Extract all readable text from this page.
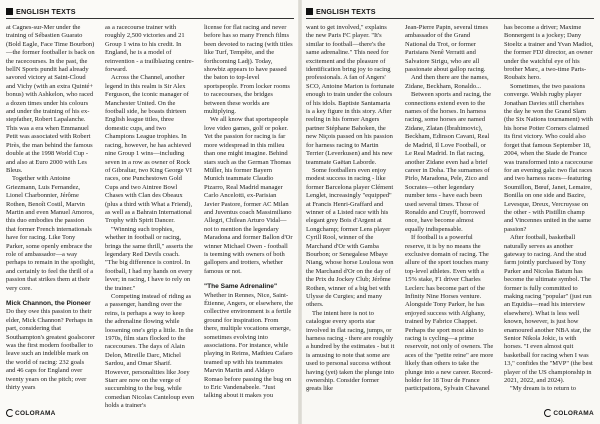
ENGLISH TEXTS

at Cagnes-sur-Mer under the training of Sébastien Guarato (Bold Eagle, Face Time Bourbon)—the former footballer is back on the racecourses. In the past, the bellN Sports pundit had already savored victory at Saint-Cloud and Vichy (with an extra Quinté+ bonus) with Ashkelon, who raced a dozen times under his colours and under the training of his ex-stepfather, Robert Lapalanche. This was a era when Emmanuel Petit was associated with Robert Pirès, the man behind the famous double at the 1998 World Cup -and also at Euro 2000 with Les Bleus.

Together with Antoine Griezmann, Luis Fernandez, Lionel Charbonnier, Jérôme Rothen, Benoît Costil, Marvin Martin and even Manuel Amoros, this duo embodies the passion that former French internationals have for racing. Like Tony Parker, some openly embrace the role of ambassador—a way perhaps to remain in the spotlight, and certainly to feel the thrill of a passion that strikes them at their very core.

Mick Channon, the Pioneer

Do they owe this passion to their elder, Mick Channon? Perhaps in part, considering that Southampton's greatest goalscorer was the first modern footballer to leave such an indelible mark on the world of racing: 232 goals and 46 caps for England over twenty years on the pitch; over thirty years

as a racecourse trainer with roughly 2,500 victories and 21 Group 1 wins to his credit. In England, he is a model of reinvention - a trailblazing centre-forward.

Across the Channel, another legend in this realm is Sir Alex Ferguson, the iconic manager of Manchester United. On the football side, he boasts thirteen English league titles, three domestic cups, and two Champions League trophies. In racing, however, he has achieved nine Group 1 wins—including seven in a row as owner of Rock of Gibraltar, two King George VI races, one Punchestown Gold Cups and two Aintree Bowl Chases with Clan des Obeaux (plus a third with What a Friend), as well as a Bahrain International Trophy with Spirit Dancer.

"Winning such trophies, whether in football or racing, brings the same thrill," asserts the legendary Red Devils coach. "The big difference is control. In football, I had my hands on every lever; in racing, I have to rely on the trainer."

Competing instead of riding as a passenger, handing over the reins, is perhaps a way to keep the adrenaline flowing while loosening one's grip a little. In the 1970s, film stars flocked to the racecourses. The days of Alain Delon, Mireille Darc, Michel Sardou, and Omar Sharif. However, personalities like Joey Starr are now on the verge of succumbing to the bug, while comedian Nicolas Canteloup even holds a trainer's

license for flat racing and never before has so many French films been devoted to racing (with titles like Turf, Tempête, and the forthcoming Ladj). Today, showbiz appears to have passed the baton to top-level sportspeople. From locker rooms to racecourses, the bridges between these worlds are multiplying.

We all know that sportspeople love video games, golf or poker. Yet the passion for racing is far more widespread in this milieu than one might imagine. Behind stars such as the German Thomas Müller, his former Bayern Munich teammate Claudio Pizarro, Real Madrid manager Carlo Ancelotti, ex-Parisian Javier Pastore, former AC Milan and Juventus coach Massimiliano Allegri, Chilean Arturo Vidal—not to mention the legendary Maradona and former Ballon d'Or winner Michael Owen - football is teeming with owners of both gallopers and trotters, whether famous or not.

"The Same Adrenaline"

Whether in Rennes, Nice, Saint-Étienne, Angers, or elsewhere, the collective environment is a fertile ground for inspiration. From there, multiple vocations emerge, sometimes evolving into associations. For instance, while playing in Reims, Mathieu Cafaro teamed up with his teammates Marvin Martin and Aldayo Romao before passing the bug on to Eric Vandenabeele. "Just talking about it makes you

COLORAMA
ENGLISH TEXTS

want to get involved," explains the new Paris FC player. "It's similar to football—there's the same adrenaline." This need for excitement and the pleasure of identification bring joy to racing professionals. A fan of Angers' SCO, Antoine Marion is fortunate enough to train under the colours of his idols. Baptiste Santamaria is a key figure in this story. After reeling in his former Angers partner Stéphane Bahoken, the new Niçois passed on his passion for harness racing to Martin Terrier (Leverkusen) and his new teammate Gaëtan Laborde.

Some footballers even enjoy modest success in racing - like former Barcelona player Clément Lenglet, increasingly "equipped" at Francis Henri-Graffard and winner of a Listed race with his elegant grey Bois d'Argent at Longchamp; former Lens player Cyrill Rool, winner of the Marchand d'Or with Gamba Bourbon; or Senegalese Mbaye Niang, whose horse Louloua won the Marchand d'Or on the day of the Prix du Jockey Club; Jérôme Rothen, winner of a big bet with Ulysse de Curgies; and many others.

The intent here is not to catalogue every sports star involved in flat racing, jumps, or harness racing - there are roughly a hundred by the estimates - but it is amusing to note that some are used to personal success without having (yet) taken the plunge into ownership. Consider former greats like

Jean-Pierre Papin, several times ambassador of the Grand National du Trot, or former Parisians Nenê Verratti and Salvatore Sirigu, who are all passionate about gallop racing.

And then there are the names, Zidane, Beckham, Ronaldo...

Between sports and racing, the connections extend even to the names of the horses. In harness racing, some horses are named Zidane, Zlatan (Ibrahimovic), Beckham, Edinson Cavani, Real de Madrid, Il Love Football, or Le Real Madrid. In flat racing, another Zidane even had a brief career in Doha. The surnames of Pirlo, Maradona, Pele, Zico and Socrates—other legendary number tens - have each been used several times. Those of Ronaldo and Cruyff, borrowed once, have become almost equally indispensable.

If football is a powerful reserve, it is by no means the exclusive domain of racing. The allure of the sport touches many top-level athletes. Even with a 15% stake, F1 driver Charles Leclerc has become part of the Infinity Nine Horses venture. Alongside Tony Parker, he has enjoyed success with Afghany, trained by Fabrice Chappet. Perhaps the sport most akin to racing is cycling—a prime reservoir, not only of owners. The aces of the "petite reine" are more likely than others to take the plunge into a new career. Record-holder for 18 Tour de France participations, Sylvain Chavanel

has become a driver; Maxime Bonnergent is a jockey; Dany Stoeltz a trainer and Yvan Madiot, the former FDJ director, an owner under the watchful eye of his brother Marc, a two-time Paris-Roubaix hero.

Sometimes, the two passions converge. Welsh rugby player Jonathan Davies still cherishes the day he won the Grand Slam (the Six Nations tournament) with his horse Potter Corners claimed its first victory. Who could also forget that famous September 18, 2004, when the Stade de France was transformed into a racecourse for an evening gala: two flat races and two harness races—featuring Soumillon, Bœuf, Janet, Lemaire, Bonilla on one side and Bazire, Levesque, Dreux, Vercruysse on the other - with Pistillin champ and Vincennes united in the same passion?

After football, basketball naturally serves as another gateway to racing. And the stud farm jointly purchased by Tony Parker and Nicolas Batum has become the ultimate symbol. The former is fully committed to making racing "popular" (just run an Equidia—read his interview elsewhere). What is less well known, however, is just how enamoured another NBA star, the Senior Nikola Jokic, is with horses. "I even almost quit basketball for racing when I was 13," confides the "MVP" (the best player of the US championship in 2021, 2022, and 2024).

"My dream is to return to

COLORAMA
